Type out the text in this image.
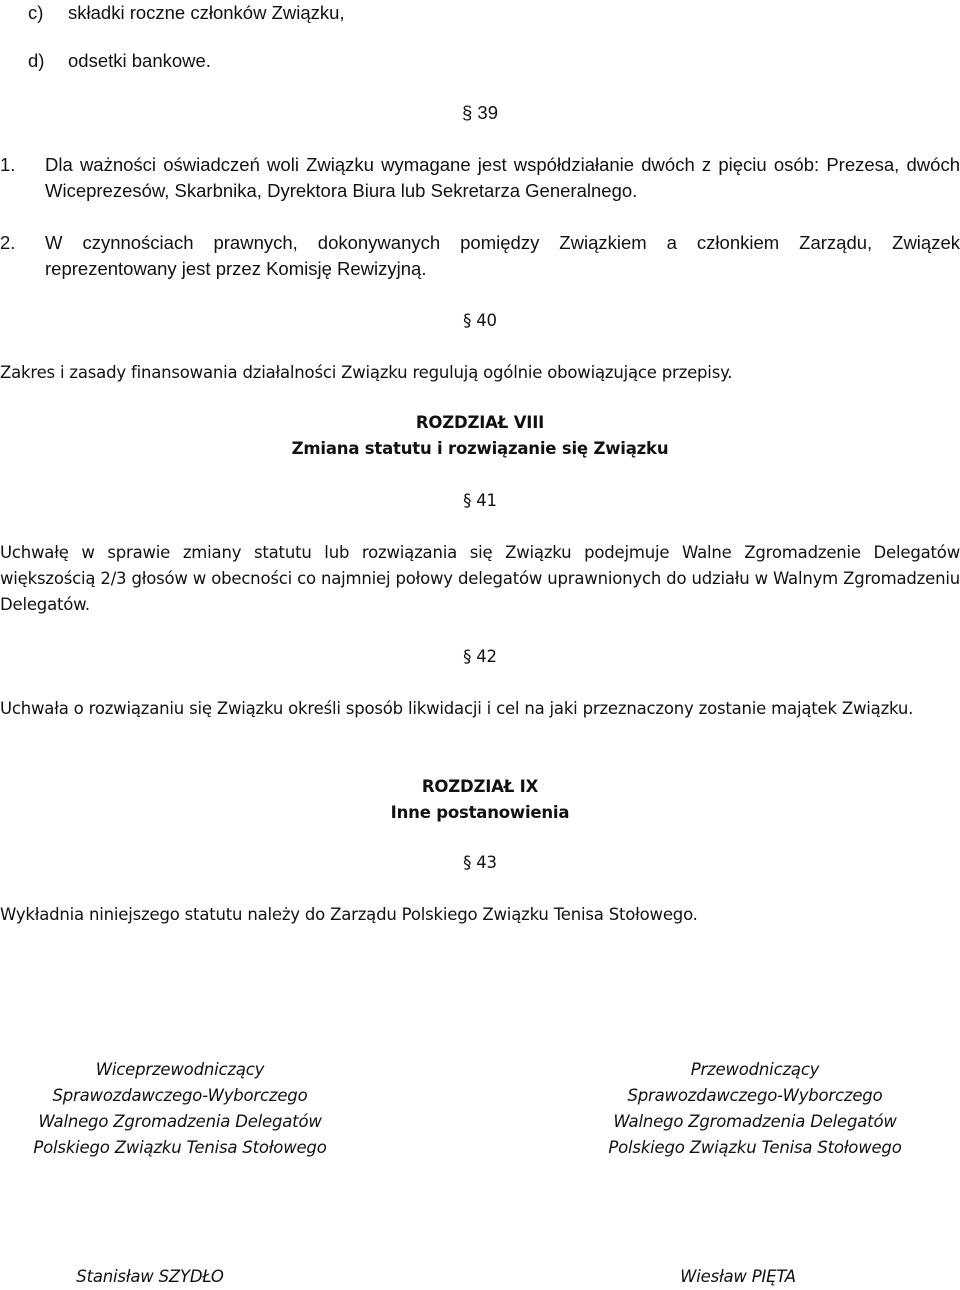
c) składki roczne członków Związku,
d) odsetki bankowe.
§ 39
1. Dla ważności oświadczeń woli Związku wymagane jest współdziałanie dwóch z pięciu osób: Prezesa, dwóch Wiceprezesów, Skarbnika, Dyrektora Biura lub Sekretarza Generalnego.
2. W czynnościach prawnych, dokonywanych pomiędzy Związkiem a członkiem Zarządu, Związek reprezentowany jest przez Komisję Rewizyjną.
§ 40
Zakres i zasady finansowania działalności Związku regulują ogólnie obowiązujące przepisy.
ROZDZIAŁ VIII
Zmiana statutu i rozwiązanie się Związku
§ 41
Uchwałę w sprawie zmiany statutu lub rozwiązania się Związku podejmuje Walne Zgromadzenie Delegatów większością 2/3 głosów w obecności co najmniej połowy delegatów uprawnionych do udziału w Walnym Zgromadzeniu Delegatów.
§ 42
Uchwała o rozwiązaniu się Związku określi sposób likwidacji i cel na jaki przeznaczony zostanie majątek Związku.
ROZDZIAŁ IX
Inne postanowienia
§ 43
Wykładnia niniejszego statutu należy do Zarządu Polskiego Związku Tenisa Stołowego.
Wiceprzewodniczący
Sprawozdawczego-Wyborczego
Walnego Zgromadzenia Delegatów
Polskiego Związku Tenisa Stołowego
Przewodniczący
Sprawozdawczego-Wyborczego
Walnego Zgromadzenia Delegatów
Polskiego Związku Tenisa Stołowego
Stanisław SZYDŁO	Wiesław PIĘTA
